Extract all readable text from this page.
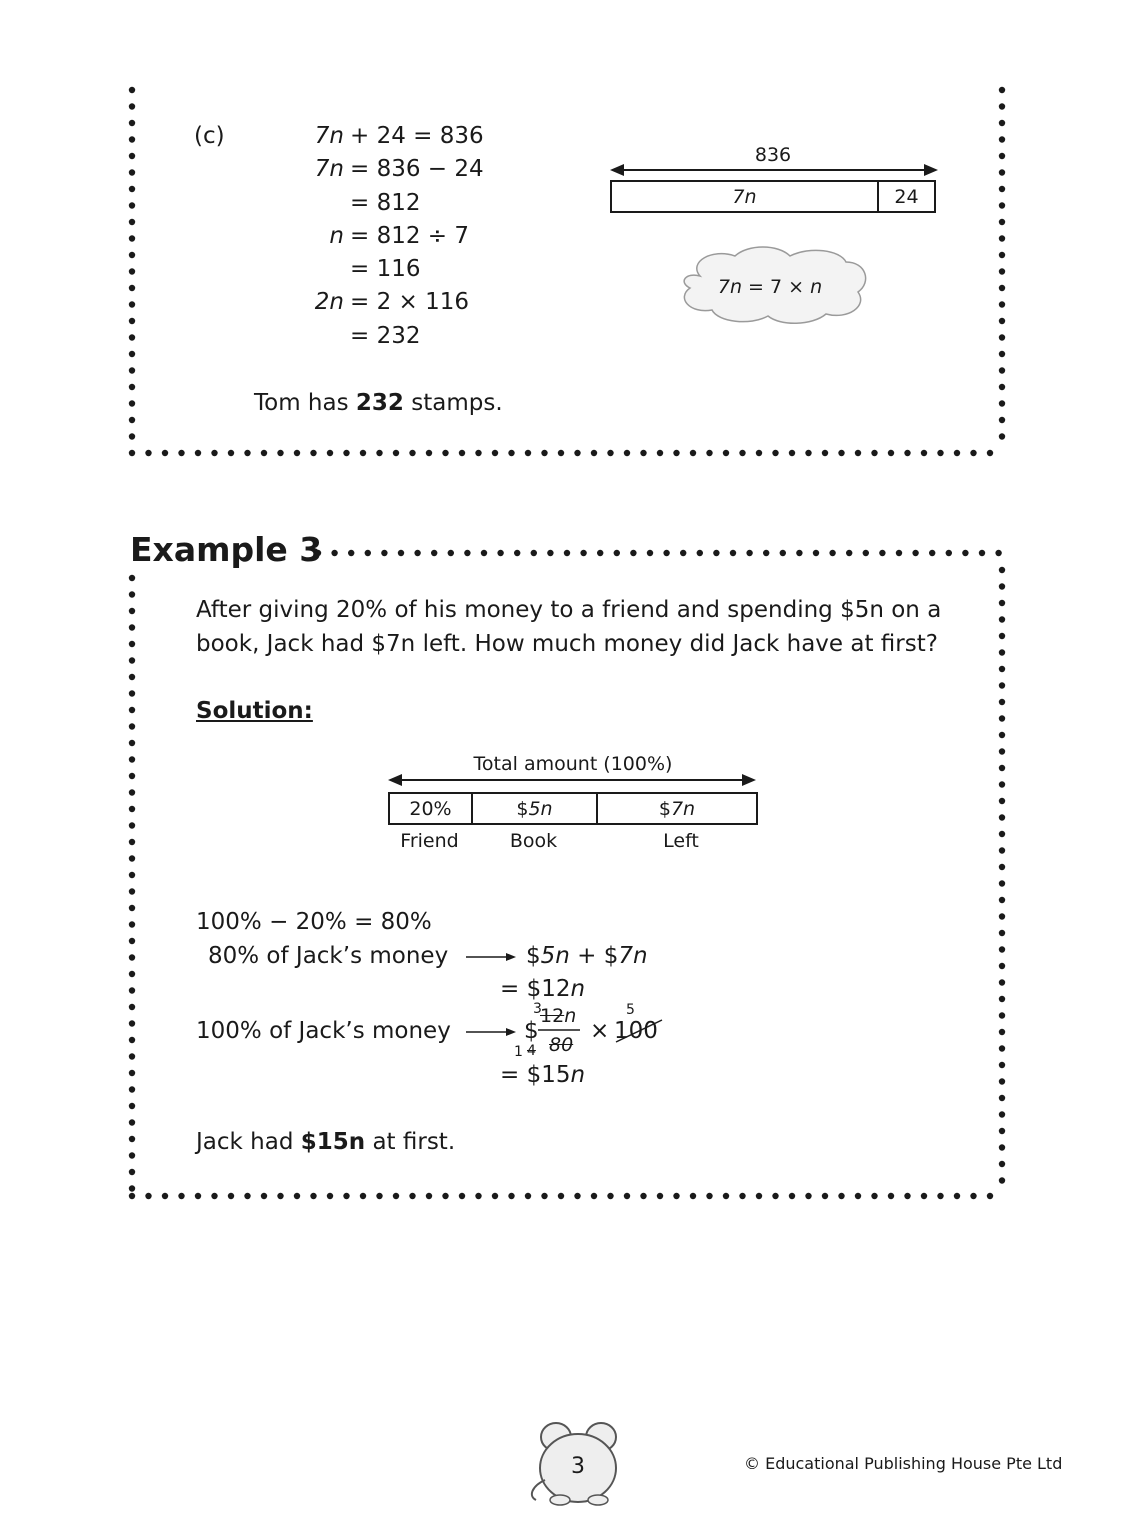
(c)	7n + 24 = 836
7n = 836 − 24
= 812
n = 812 ÷ 7
= 116
2n = 2 × 116
= 232
Tom has 232 stamps.
836
7n	24
7n = 7 × n
Example 3
After giving 20% of his money to a friend and spending $5n on a
book, Jack had $7n left. How much money did Jack have at first?
Solution:
Total amount (100%)
20%	$ 5n	$ 7n
Friend	Book	Left
100% − 20% = 80%
80% of Jack’s money	$5n + $7n
= $12n
100% of Jack’s money	$
3
12n
1 4 80
×
5
100
= $15n
Jack had $15n at first.
3	© Educational Publishing House Pte Ltd
